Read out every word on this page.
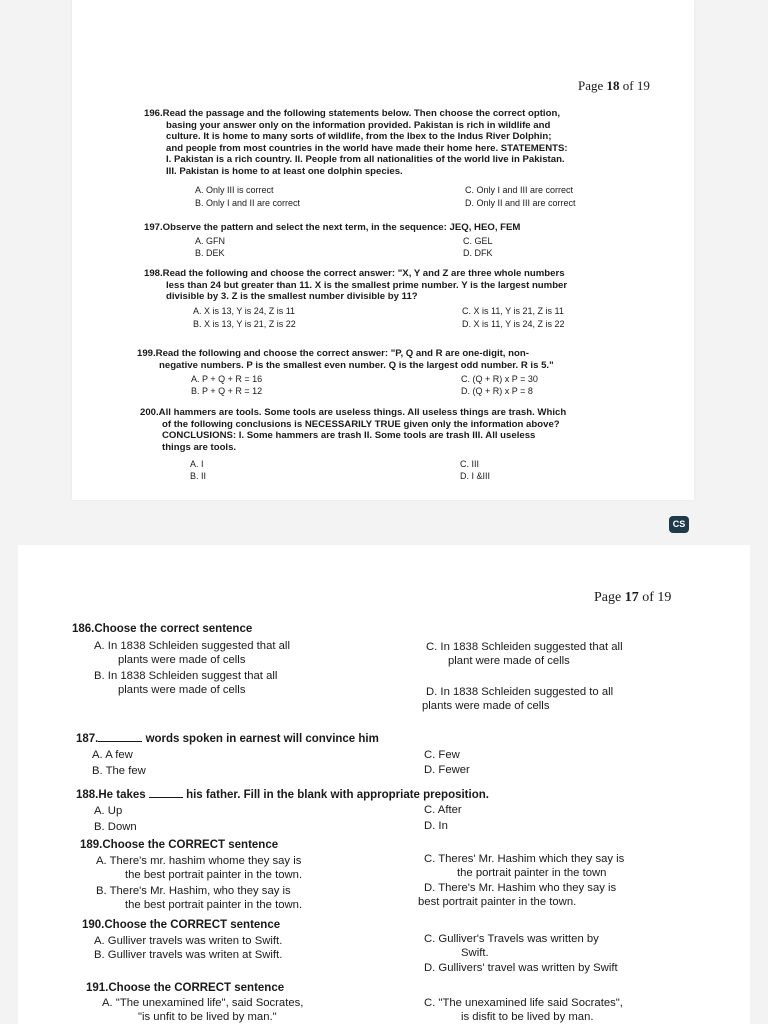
Page 18 of 19
196.Read the passage and the following statements below. Then choose the correct option,
basing your answer only on the information provided. Pakistan is rich in wildlife and
culture. It is home to many sorts of wildlife, from the Ibex to the Indus River Dolphin;
and people from most countries in the world have made their home here. STATEMENTS:
I. Pakistan is a rich country. II. People from all nationalities of the world live in Pakistan.
III. Pakistan is home to at least one dolphin species.
A. Only III is correct
B. Only I and II are correct
C. Only I and III are correct
D. Only II and III are correct
197.Observe the pattern and select the next term, in the sequence: JEQ, HEO, FEM
A. GFN
B. DEK
C. GEL
D. DFK
198.Read the following and choose the correct answer: "X, Y and Z are three whole numbers
less than 24 but greater than 11. X is the smallest prime number. Y is the largest number
divisible by 3. Z is the smallest number divisible by 11?
A. X is 13, Y is 24, Z is 11
B. X is 13, Y is 21, Z is 22
C. X is 11, Y is 21, Z is 11
D. X is 11, Y is 24, Z is 22
199.Read the following and choose the correct answer: "P, Q and R are one-digit, non-
negative numbers. P is the smallest even number. Q is the largest odd number. R is 5."
A. P + Q + R = 16
B. P + Q + R = 12
C. (Q + R) x P = 30
D. (Q + R) x P = 8
200.All hammers are tools. Some tools are useless things. All useless things are trash. Which
of the following conclusions is NECESSARILY TRUE given only the information above?
CONCLUSIONS: I. Some hammers are trash II. Some tools are trash III. All useless
things are tools.
A. I
B. II
C. III
D. I &III
CS
Page 17 of 19
186.Choose the correct sentence
A. In 1838 Schleiden suggested that all
plants were made of cells
B. In 1838 Schleiden suggest that all
plants were made of cells
C. In 1838 Schleiden suggested that all
plant were made of cells
D. In 1838 Schleiden suggested to all
plants were made of cells
187.	words spoken in earnest will convince him
A. A few
B. The few
C. Few
D. Fewer
188.He takes	his father. Fill in the blank with appropriate preposition.
A. Up
B. Down
C. After
D. In
189.Choose the CORRECT sentence
A. There's mr. hashim whome they say is
the best portrait painter in the town.
B. There's Mr. Hashim, who they say is
the best portrait painter in the town.
C. Theres' Mr. Hashim which they say is
the portrait painter in the town
D. There's Mr. Hashim who they say is
best portrait painter in the town.
190.Choose the CORRECT sentence
A. Gulliver travels was writen to Swift.
B. Gulliver travels was writen at Swift.
C. Gulliver's Travels was written by
Swift.
D. Gullivers' travel was written by Swift
191.Choose the CORRECT sentence
A. "The unexamined life", said Socrates,
"is unfit to be lived by man."
C. "The unexamined life said Socrates",
is disfit to be lived by man.
